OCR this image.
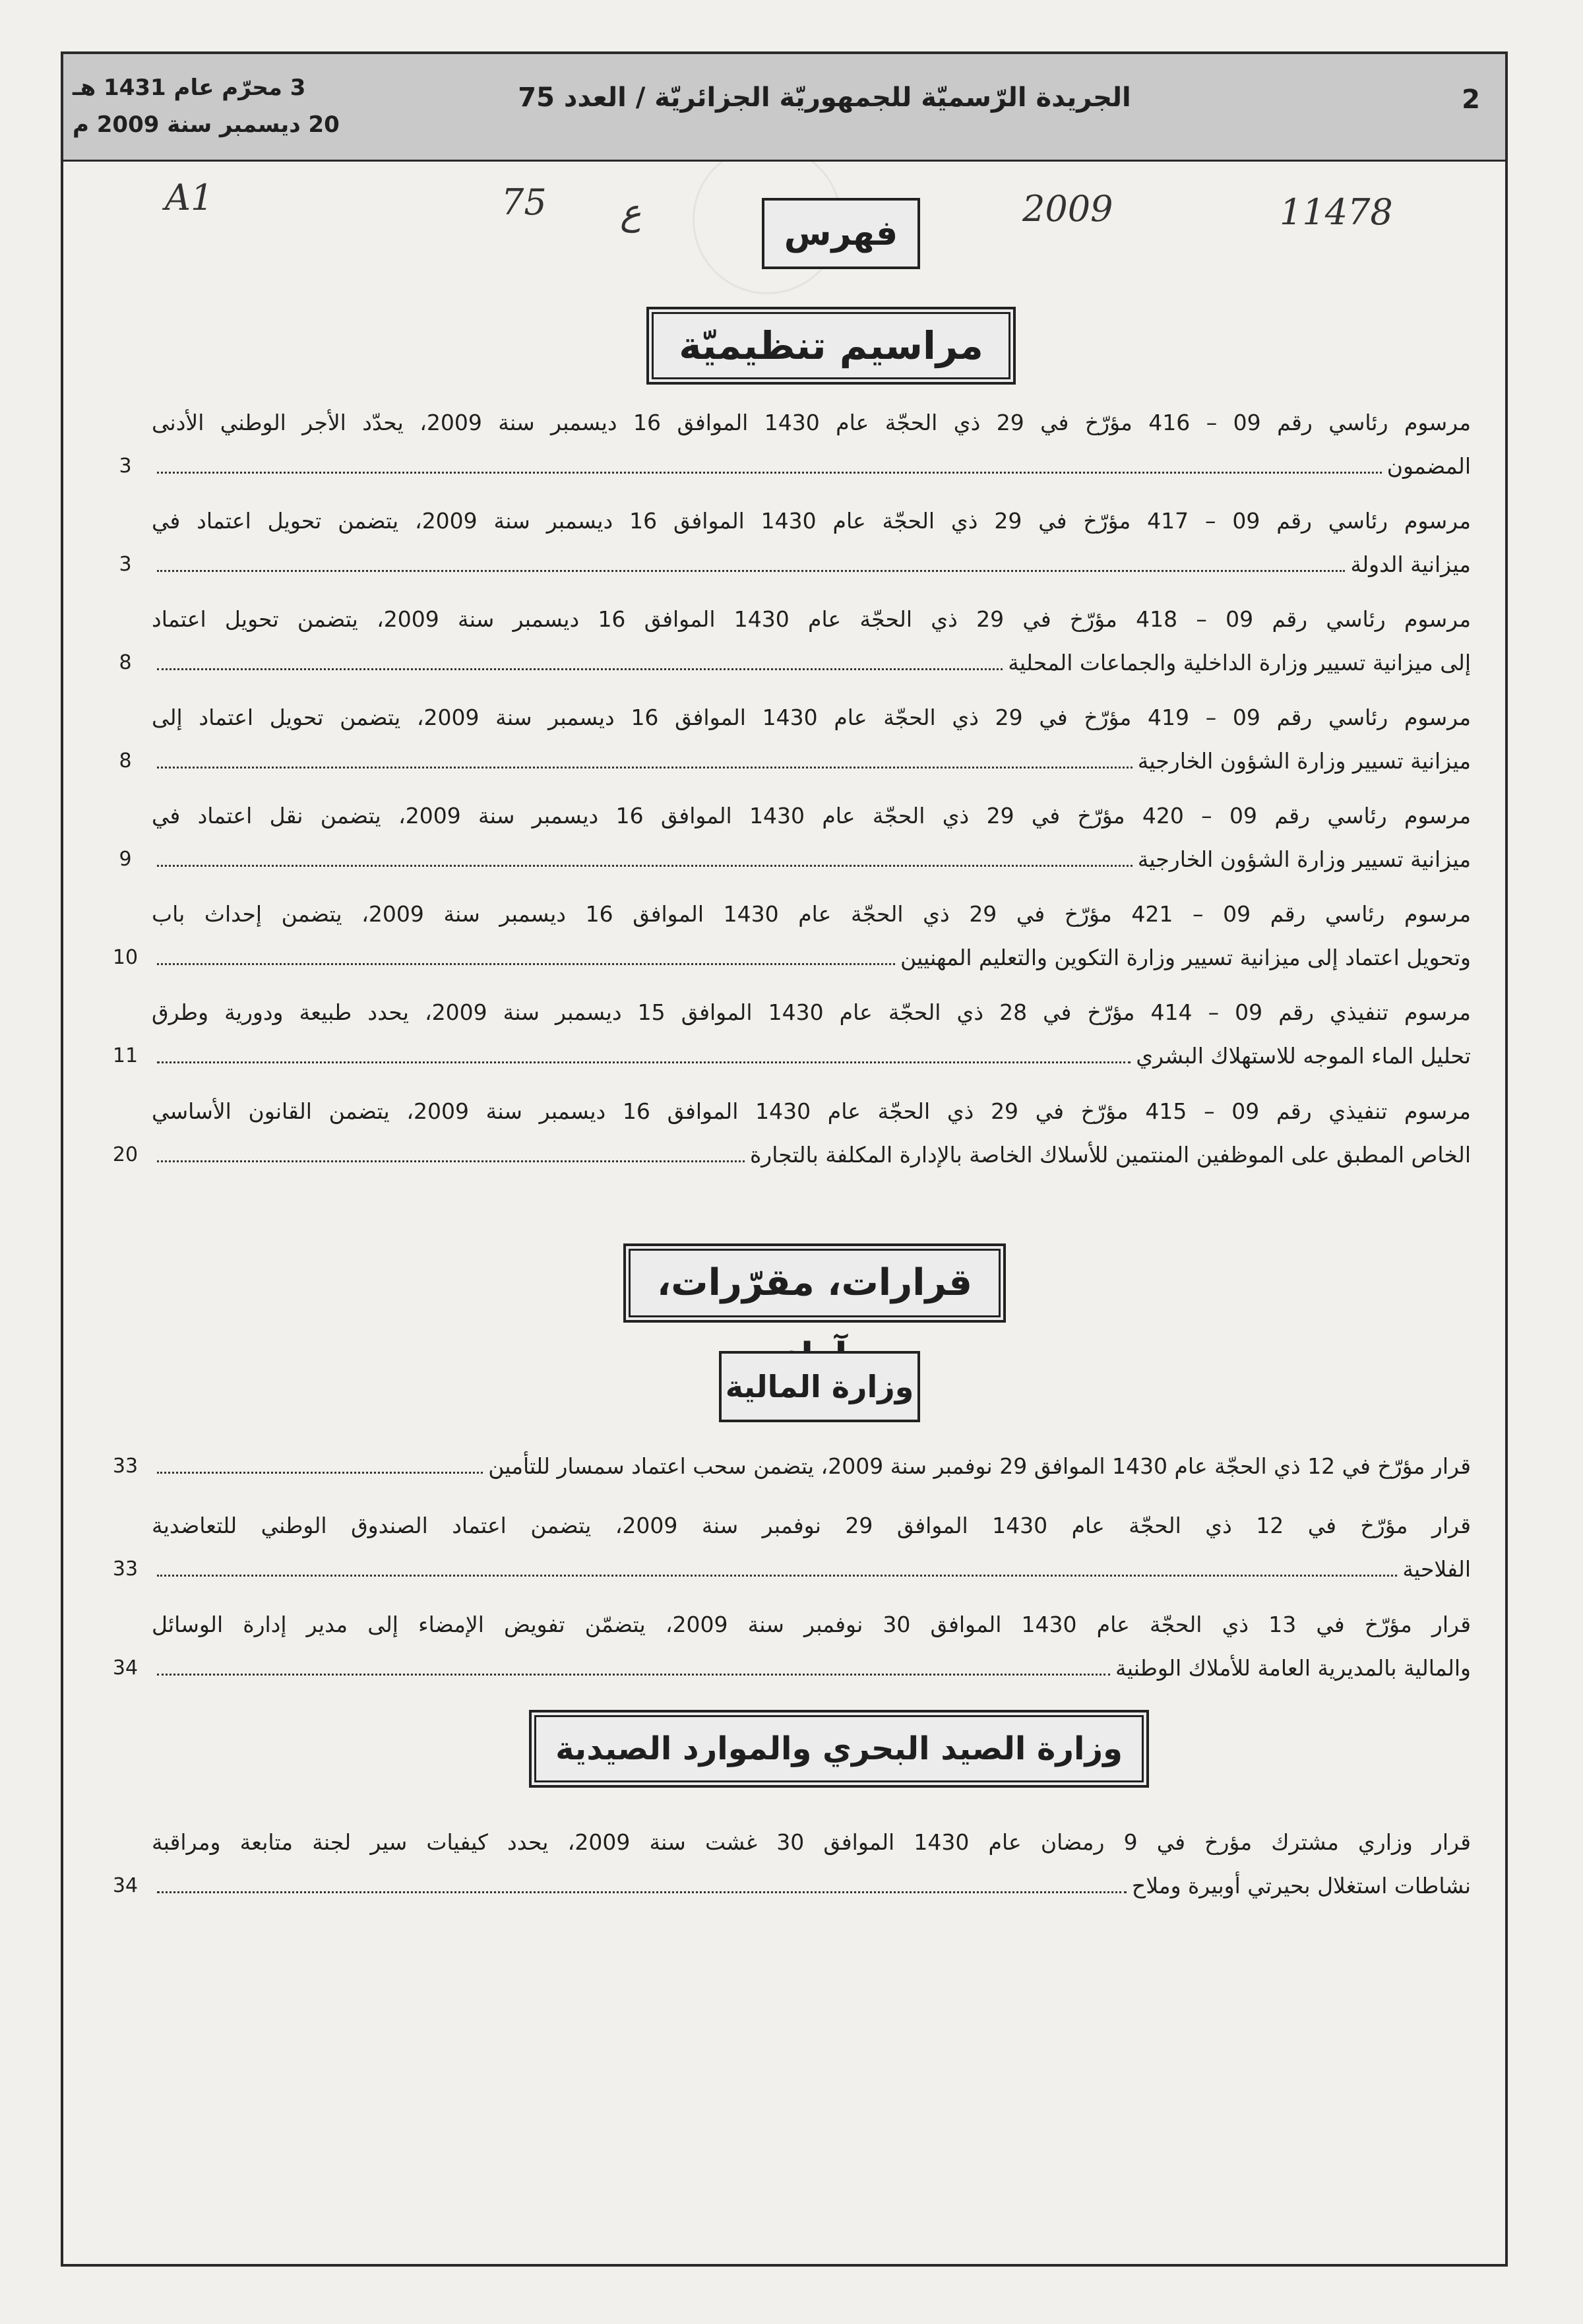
2
الجريدة الرّسميّة للجمهوريّة الجزائريّة / العدد 75
3 محرّم عام 1431 هـ
20 ديسمبر سنة 2009 م
A1	75 ع	2009	11478
فهرس
مراسيم تنظيميّة
مرسوم رئاسي رقم 09 – 416 مؤرّخ في 29 ذي الحجّة عام 1430 الموافق 16 ديسمبر سنة 2009، يحدّد الأجر الوطني الأدنى
المضمون
3
مرسوم رئاسي رقم 09 – 417 مؤرّخ في 29 ذي الحجّة عام 1430 الموافق 16 ديسمبر سنة 2009، يتضمن تحويل اعتماد في
ميزانية الدولة
3
مرسوم رئاسي رقم 09 – 418 مؤرّخ في 29 ذي الحجّة عام 1430 الموافق 16 ديسمبر سنة 2009، يتضمن تحويل اعتماد
إلى ميزانية تسيير وزارة الداخلية والجماعات المحلية
8
مرسوم رئاسي رقم 09 – 419 مؤرّخ في 29 ذي الحجّة عام 1430 الموافق 16 ديسمبر سنة 2009، يتضمن تحويل اعتماد إلى
ميزانية تسيير وزارة الشؤون الخارجية
8
مرسوم رئاسي رقم 09 – 420 مؤرّخ في 29 ذي الحجّة عام 1430 الموافق 16 ديسمبر سنة 2009، يتضمن نقل اعتماد في
ميزانية تسيير وزارة الشؤون الخارجية
9
مرسوم رئاسي رقم 09 – 421 مؤرّخ في 29 ذي الحجّة عام 1430 الموافق 16 ديسمبر سنة 2009، يتضمن إحداث باب
وتحويل اعتماد إلى ميزانية تسيير وزارة التكوين والتعليم المهنيين
10
مرسوم تنفيذي رقم 09 – 414 مؤرّخ في 28 ذي الحجّة عام 1430 الموافق 15 ديسمبر سنة 2009، يحدد طبيعة ودورية وطرق
تحليل الماء الموجه للاستهلاك البشري
11
مرسوم تنفيذي رقم 09 – 415 مؤرّخ في 29 ذي الحجّة عام 1430 الموافق 16 ديسمبر سنة 2009، يتضمن القانون الأساسي
الخاص المطبق على الموظفين المنتمين للأسلاك الخاصة بالإدارة المكلفة بالتجارة
20
قرارات، مقرّرات،
وزارة المالية
قرار مؤرّخ في 12 ذي الحجّة عام 1430 الموافق 29 نوفمبر سنة 2009، يتضمن سحب اعتماد سمسار للتأمين
33
قرار مؤرّخ في 12 ذي الحجّة عام 1430 الموافق 29 نوفمبر سنة 2009، يتضمن اعتماد الصندوق الوطني للتعاضدية
الفلاحية
33
قرار مؤرّخ في 13 ذي الحجّة عام 1430 الموافق 30 نوفمبر سنة 2009، يتضمّن تفويض الإمضاء إلى مدير إدارة الوسائل
والمالية بالمديرية العامة للأملاك الوطنية
34
وزارة الصيد البحري والموارد الصيدية
قرار وزاري مشترك مؤرخ في 9 رمضان عام 1430 الموافق 30 غشت سنة 2009، يحدد كيفيات سير لجنة متابعة ومراقبة
نشاطات استغلال بحيرتي أوبيرة وملاح
34
